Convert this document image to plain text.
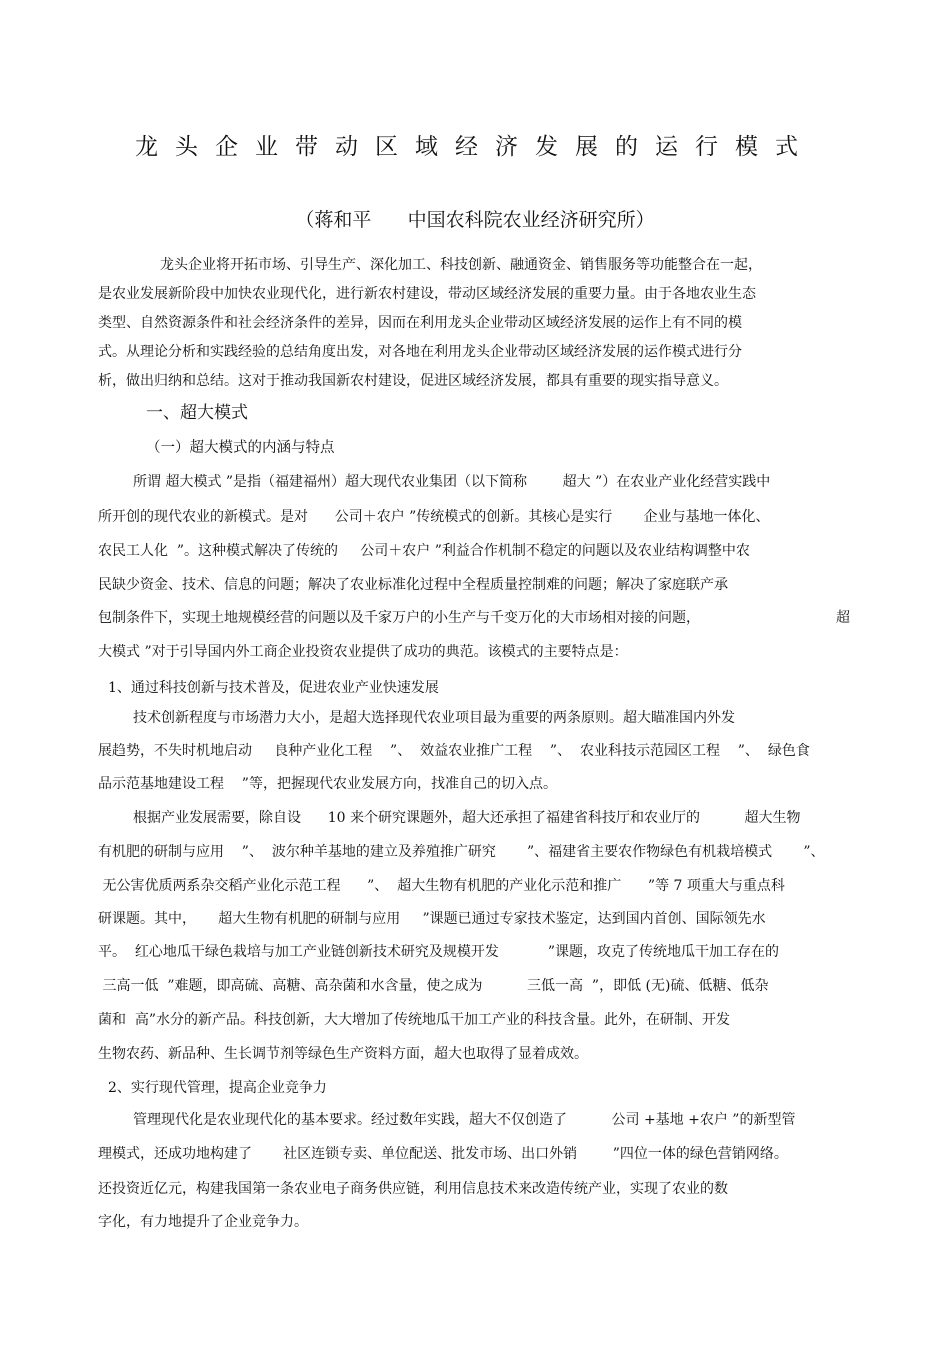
龙头企业带动区域经济发展的运行模式
（蒋和平      中国农科院农业经济研究所）
龙头企业将开拓市场、引导生产、深化加工、科技创新、融通资金、销售服务等功能整合在一起，
是农业发展新阶段中加快农业现代化，进行新农村建设，带动区域经济发展的重要力量。由于各地农业生态
类型、自然资源条件和社会经济条件的差异，因而在利用龙头企业带动区域经济发展的运作上有不同的模
式。从理论分析和实践经验的总结角度出发，对各地在利用龙头企业带动区域经济发展的运作模式进行分
析，做出归纳和总结。这对于推动我国新农村建设，促进区域经济发展，都具有重要的现实指导意义。
一、超大模式
（一）超大模式的内涵与特点
所谓 超大模式 ”是指（福建福州）超大现代农业集团（以下简称        超大 ”）在农业产业化经营实践中
所开创的现代农业的新模式。是对      公司＋农户 ”传统模式的创新。其核心是实行       企业与基地一体化、
农民工人化  ”。这种模式解决了传统的     公司＋农户 ”利益合作机制不稳定的问题以及农业结构调整中农
民缺少资金、技术、信息的问题；解决了农业标准化过程中全程质量控制难的问题；解决了家庭联产承
包制条件下，实现土地规模经营的问题以及千家万户的小生产与千变万化的大市场相对接的问题，	超
大模式 ”对于引导国内外工商企业投资农业提供了成功的典范。该模式的主要特点是：
1、通过科技创新与技术普及，促进农业产业快速发展
技术创新程度与市场潜力大小，是超大选择现代农业项目最为重要的两条原则。超大瞄准国内外发
展趋势，不失时机地启动     良种产业化工程    ”、  效益农业推广工程    ”、  农业科技示范园区工程    ”、  绿色食
品示范基地建设工程    ”等，把握现代农业发展方向，找准自己的切入点。
根据产业发展需要，除自设      10 来个研究课题外，超大还承担了福建省科技厅和农业厅的          超大生物
有机肥的研制与应用    ”、  波尔种羊基地的建立及养殖推广研究       ”、福建省主要农作物绿色有机栽培模式       ”、
无公害优质两系杂交稻产业化示范工程      ”、  超大生物有机肥的产业化示范和推广      ”等 7 项重大与重点科
研课题。其中，     超大生物有机肥的研制与应用     ”课题已通过专家技术鉴定，达到国内首创、国际领先水
平。  红心地瓜干绿色栽培与加工产业链创新技术研究及规模开发           ”课题，攻克了传统地瓜干加工存在的
三高一低  ”难题，即高硫、高糖、高杂菌和水含量，使之成为          三低一高  ”，即低 (无)硫、低糖、低杂
菌和  高”水分的新产品。科技创新，大大增加了传统地瓜干加工产业的科技含量。此外，在研制、开发
生物农药、新品种、生长调节剂等绿色生产资料方面，超大也取得了显着成效。
2、实行现代管理，提高企业竞争力
管理现代化是农业现代化的基本要求。经过数年实践，超大不仅创造了          公司 +基地 +农户 ”的新型管
理模式，还成功地构建了       社区连锁专卖、单位配送、批发市场、出口外销        ”四位一体的绿色营销网络。
还投资近亿元，构建我国第一条农业电子商务供应链，利用信息技术来改造传统产业，实现了农业的数
字化，有力地提升了企业竞争力。
